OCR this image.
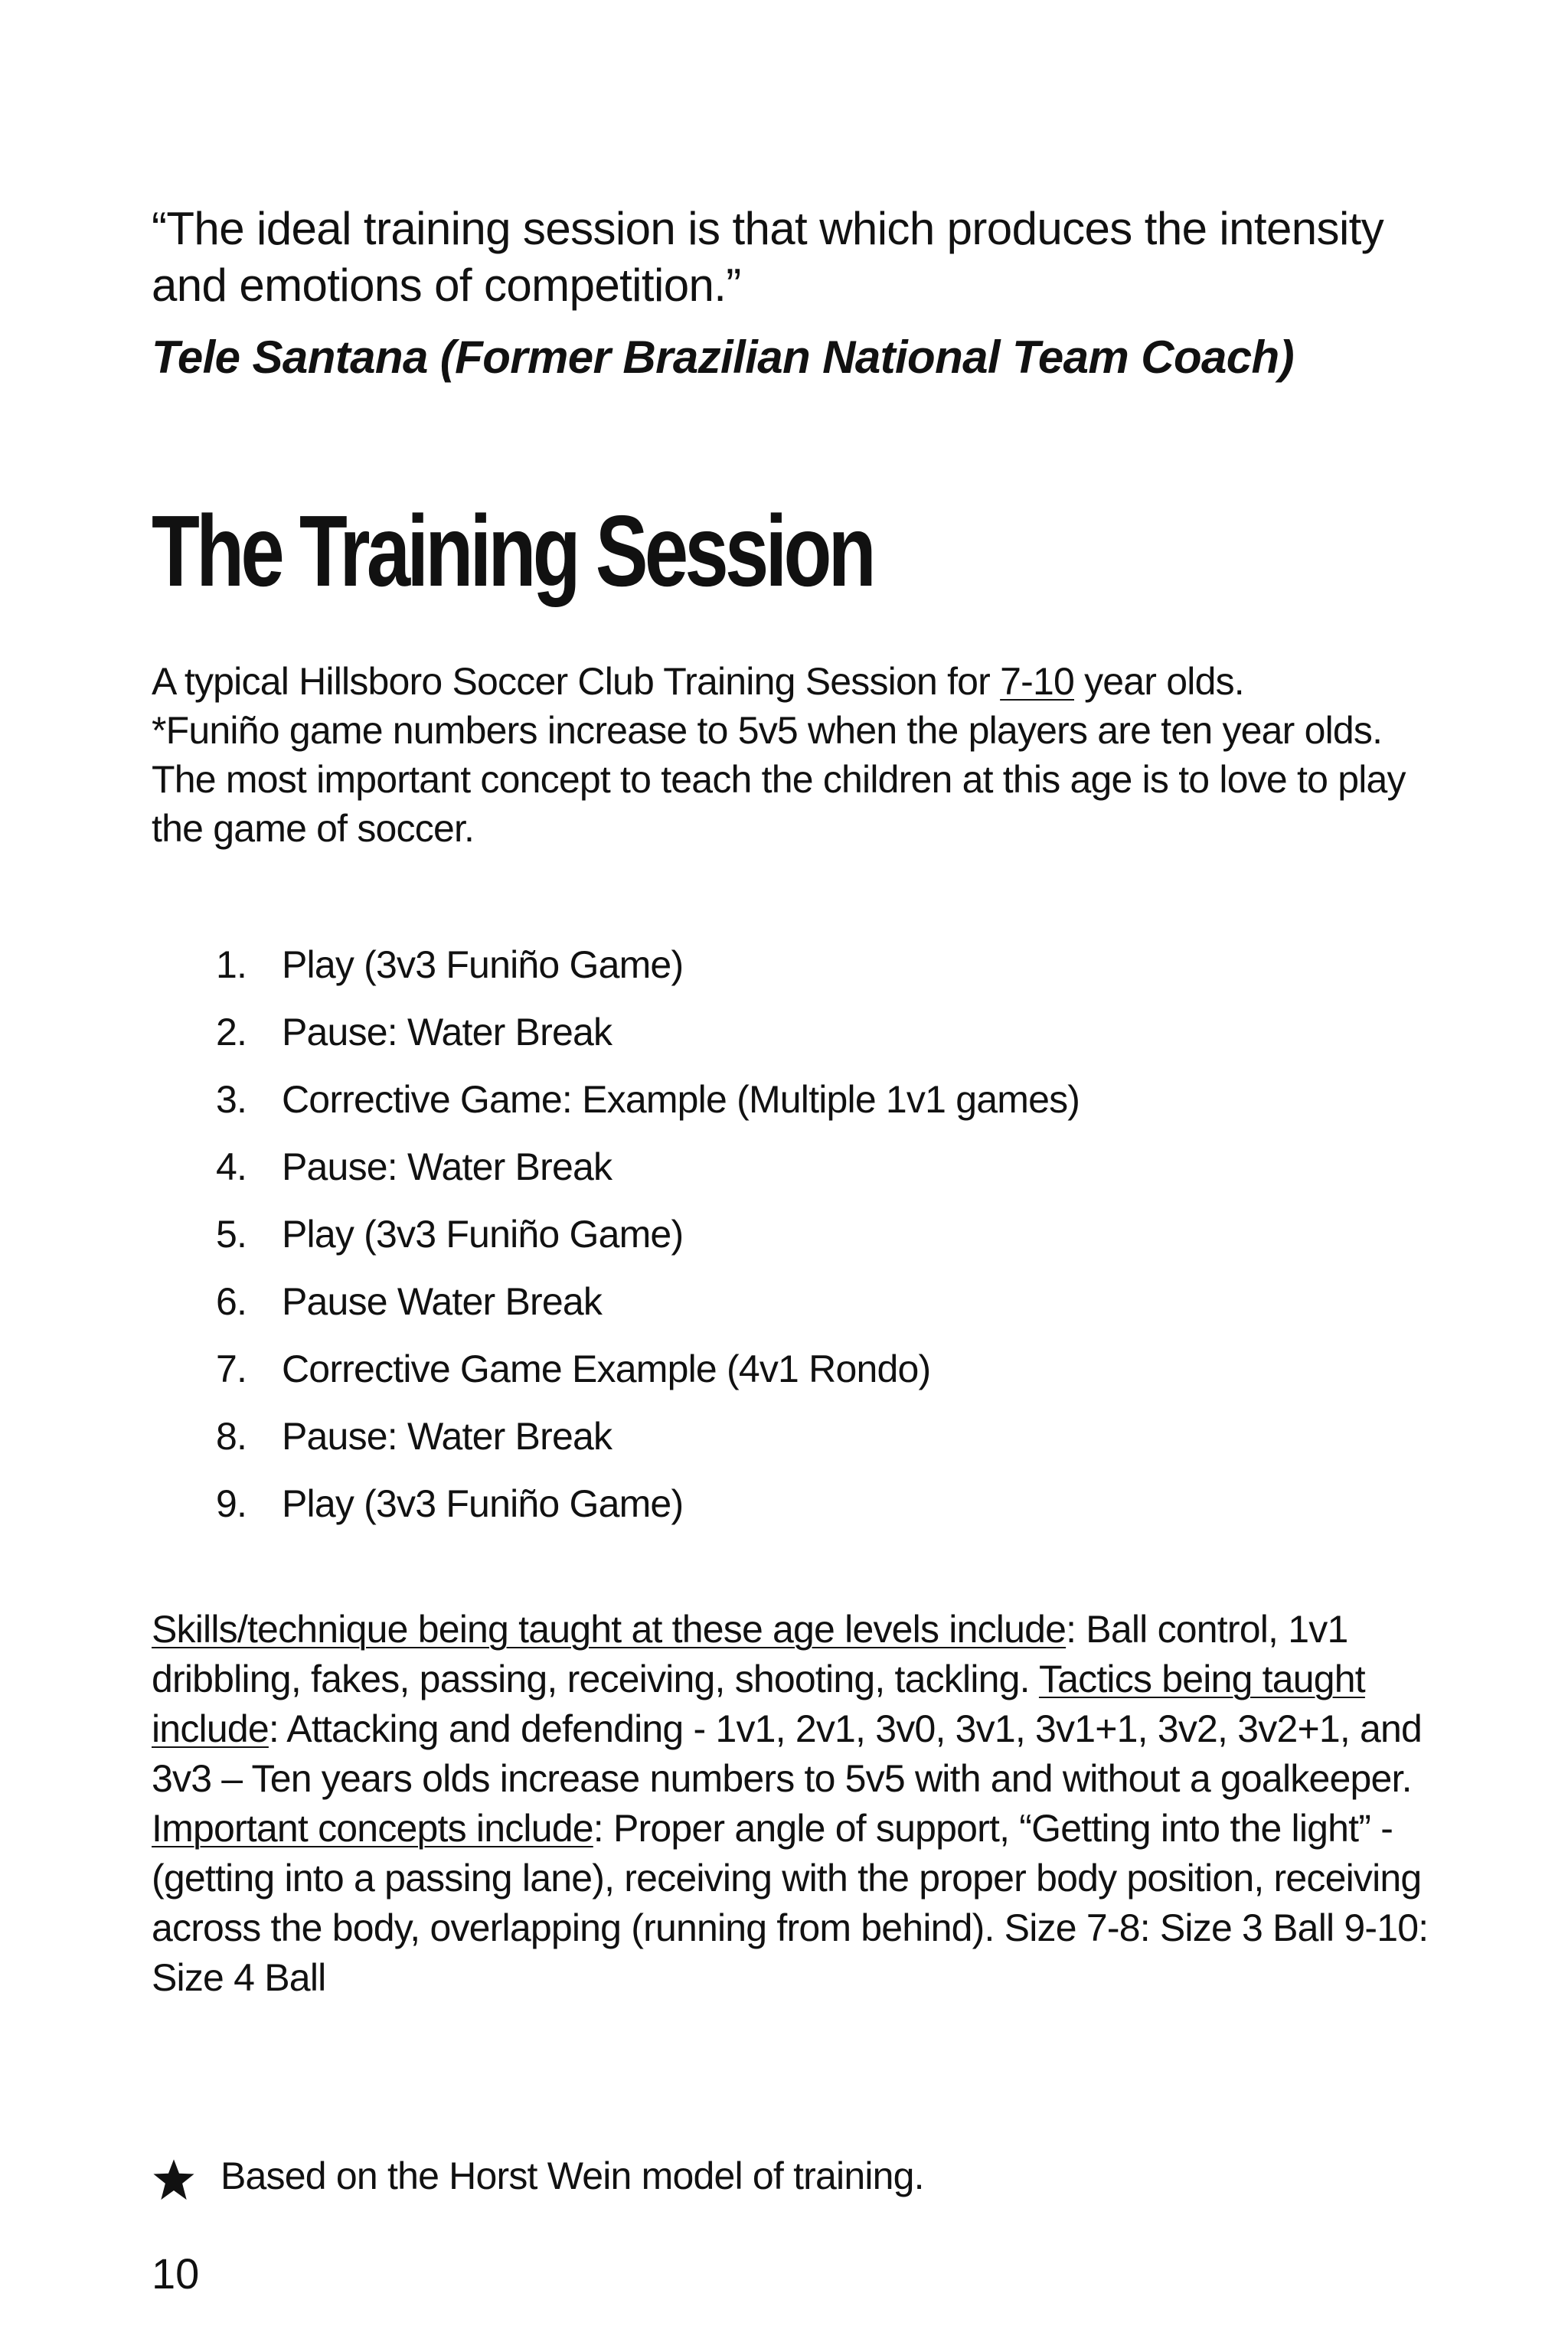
“The ideal training session is that which produces the intensity and emotions of competition.”
Tele Santana (Former Brazilian National Team Coach)
The Training Session
A typical Hillsboro Soccer Club Training Session for 7-10 year olds.
*Funiño game numbers increase to 5v5 when the players are ten year olds. The most important concept to teach the children at this age is to love to play the game of soccer.
1. Play (3v3 Funiño Game)
2. Pause: Water Break
3. Corrective Game: Example (Multiple 1v1 games)
4. Pause: Water Break
5. Play (3v3 Funiño Game)
6. Pause Water Break
7. Corrective Game Example (4v1 Rondo)
8. Pause: Water Break
9. Play (3v3 Funiño Game)
Skills/technique being taught at these age levels include: Ball control, 1v1 dribbling, fakes, passing, receiving, shooting, tackling. Tactics being taught include: Attacking and defending - 1v1, 2v1, 3v0, 3v1, 3v1+1, 3v2, 3v2+1, and 3v3 – Ten years olds increase numbers to 5v5 with and without a goalkeeper. Important concepts include: Proper angle of support, “Getting into the light” - (getting into a passing lane), receiving with the proper body position, receiving across the body, overlapping (running from behind). Size 7-8: Size 3 Ball 9-10: Size 4 Ball
Based on the Horst Wein model of training.
10
